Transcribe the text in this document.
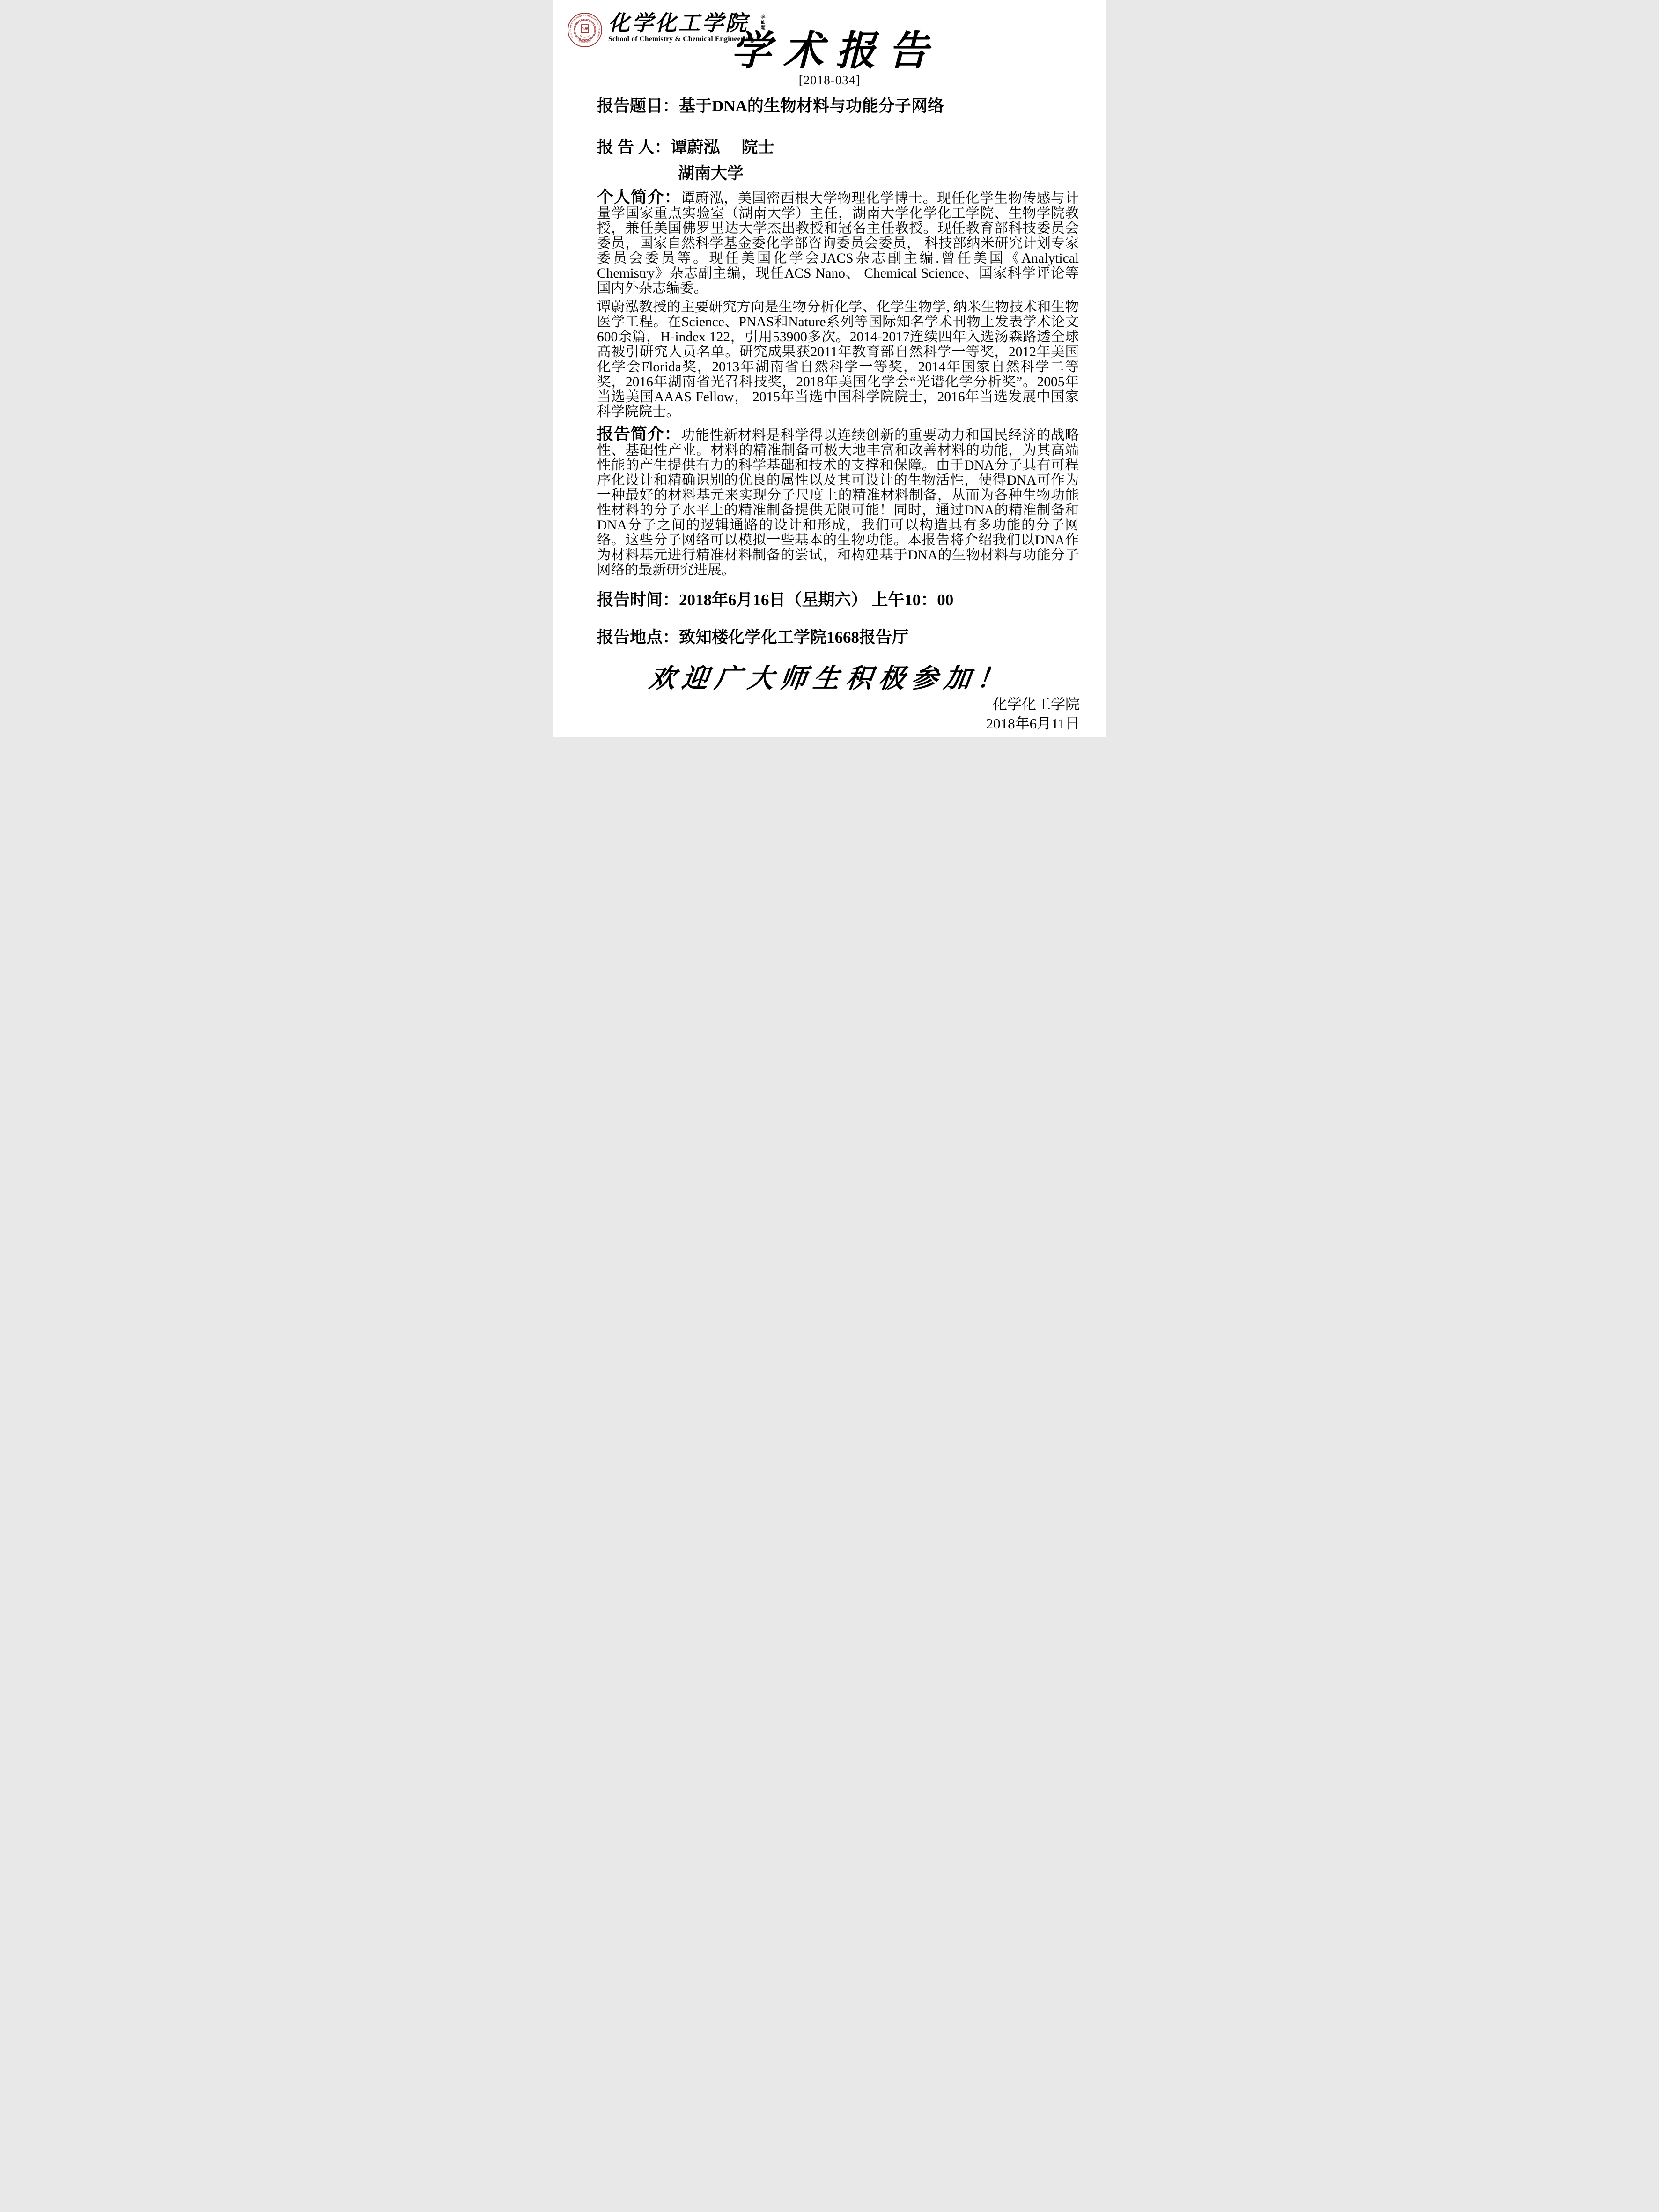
SCHOOL OF CHEMISTRY & CHEMICAL ENGINEERING
·陕西师范大学·
SCCE
化學
Life and Future
化学化工学院
School of Chemistry & Chemical Engineering
李仙题
学术报告
[2018-034]
报告题目：基于DNA的生物材料与功能分子网络
报 告 人：谭蔚泓 院士
湖南大学

个人简介：谭蔚泓，美国密西根大学物理化学博士。现任化学生物传感与计量学国家重点实验室（湖南大学）主任，湖南大学化学化工学院、生物学院教授，兼任美国佛罗里达大学杰出教授和冠名主任教授。现任教育部科技委员会委员，国家自然科学基金委化学部咨询委员会委员， 科技部纳米研究计划专家委员会委员等。现任美国化学会JACS杂志副主编.曾任美国《Analytical Chemistry》杂志副主编，现任ACS Nano、 Chemical Science、国家科学评论等国内外杂志编委。

谭蔚泓教授的主要研究方向是生物分析化学、化学生物学, 纳米生物技术和生物医学工程。在Science、PNAS和Nature系列等国际知名学术刊物上发表学术论文600余篇，H-index 122，引用53900多次。2014-2017连续四年入选汤森路透全球高被引研究人员名单。研究成果获2011年教育部自然科学一等奖，2012年美国化学会Florida奖，2013年湖南省自然科学一等奖，2014年国家自然科学二等奖，2016年湖南省光召科技奖，2018年美国化学会“光谱化学分析奖”。2005年当选美国AAAS Fellow， 2015年当选中国科学院院士，2016年当选发展中国家科学院院士。

报告简介：功能性新材料是科学得以连续创新的重要动力和国民经济的战略性、基础性产业。材料的精准制备可极大地丰富和改善材料的功能，为其高端性能的产生提供有力的科学基础和技术的支撑和保障。由于DNA分子具有可程序化设计和精确识别的优良的属性以及其可设计的生物活性，使得DNA可作为一种最好的材料基元来实现分子尺度上的精准材料制备，从而为各种生物功能性材料的分子水平上的精准制备提供无限可能！同时，通过DNA的精准制备和DNA分子之间的逻辑通路的设计和形成，我们可以构造具有多功能的分子网络。这些分子网络可以模拟一些基本的生物功能。本报告将介绍我们以DNA作为材料基元进行精准材料制备的尝试，和构建基于DNA的生物材料与功能分子网络的最新研究进展。

报告时间：2018年6月16日（星期六） 上午10：00
报告地点：致知楼化学化工学院1668报告厅
欢迎广大师生积极参加！
化学化工学院
2018年6月11日
